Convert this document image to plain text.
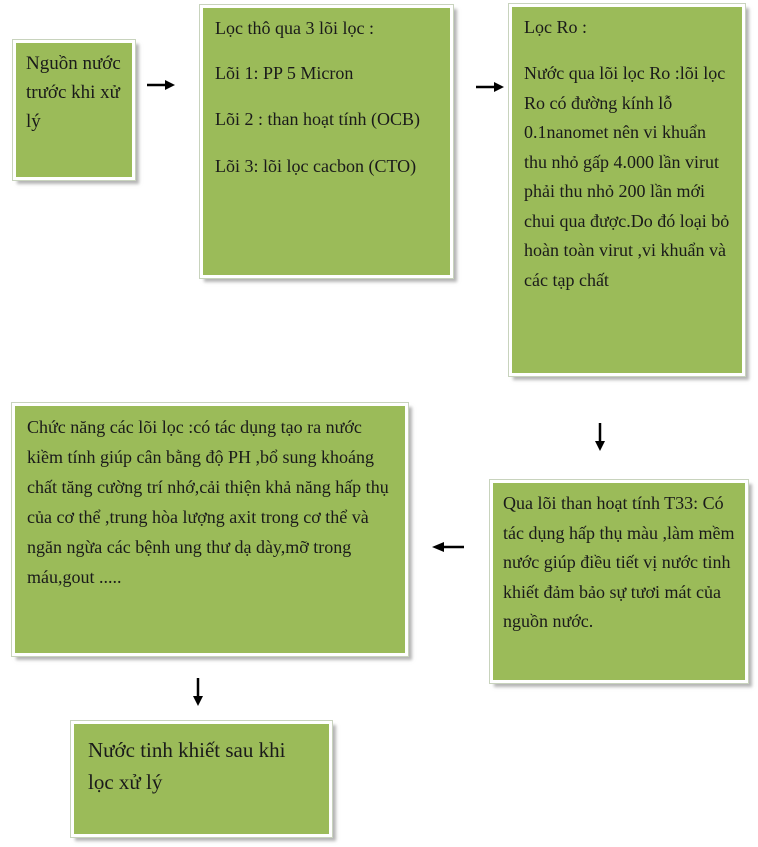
Nguồn nước trước khi xử lý

Lọc thô qua 3 lõi lọc :

Lõi 1: PP 5 Micron

Lõi 2 : than hoạt tính (OCB)

Lõi 3: lõi lọc cacbon (CTO)

Lọc Ro :

Nước qua lõi lọc Ro :lõi lọc Ro có đường kính lỗ 0.1nanomet nên vi khuẩn thu nhỏ gấp 4.000 lần virut phải thu nhỏ 200 lần mới chui qua được.Do đó loại bỏ hoàn toàn virut ,vi khuẩn và các tạp chất

Qua lõi than hoạt tính T33: Có tác dụng hấp thụ màu ,làm mềm nước giúp điều tiết vị nước tinh khiết đảm bảo sự tươi mát của nguồn nước.

Chức năng các lõi lọc :có tác dụng tạo ra nước kiềm tính giúp cân bằng độ PH ,bổ sung khoáng chất tăng cường trí nhớ,cải thiện khả năng hấp thụ của cơ thể ,trung hòa lượng axit trong cơ thể và ngăn ngừa các bệnh ung thư dạ dày,mỡ trong máu,gout .....

Nước tinh khiết sau khi lọc xử lý
